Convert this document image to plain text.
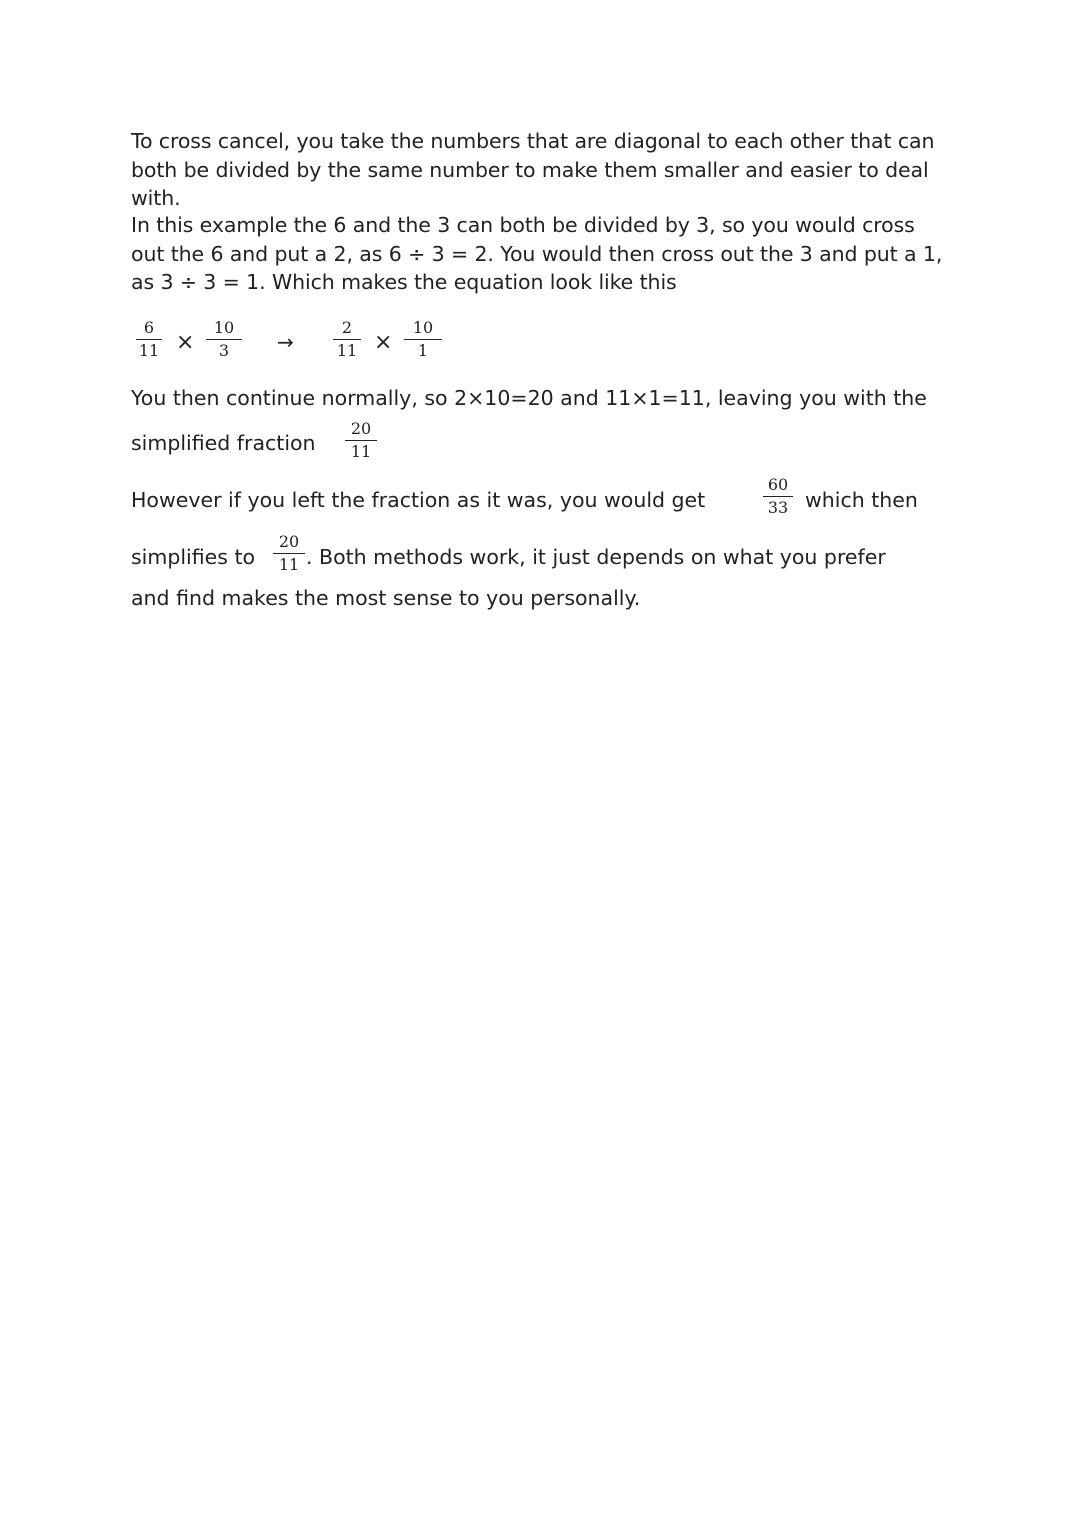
To cross cancel, you take the numbers that are diagonal to each other that can both be divided by the same number to make them smaller and easier to deal with.
In this example the 6 and the 3 can both be divided by 3, so you would cross out the 6 and put a 2, as 6 ÷ 3 = 2. You would then cross out the 3 and put a 1, as 3 ÷ 3 = 1. Which makes the equation look like this
6
11 ×
10
3	→
2
11 ×
10
1
You then continue normally, so 2×10=20 and 11×1=11, leaving you with the
simplified fraction
20
11
However if you left the fraction as it was, you would get
60
33 which then
simplifies to
20
11 . Both methods work, it just depends on what you prefer
and find makes the most sense to you personally.
